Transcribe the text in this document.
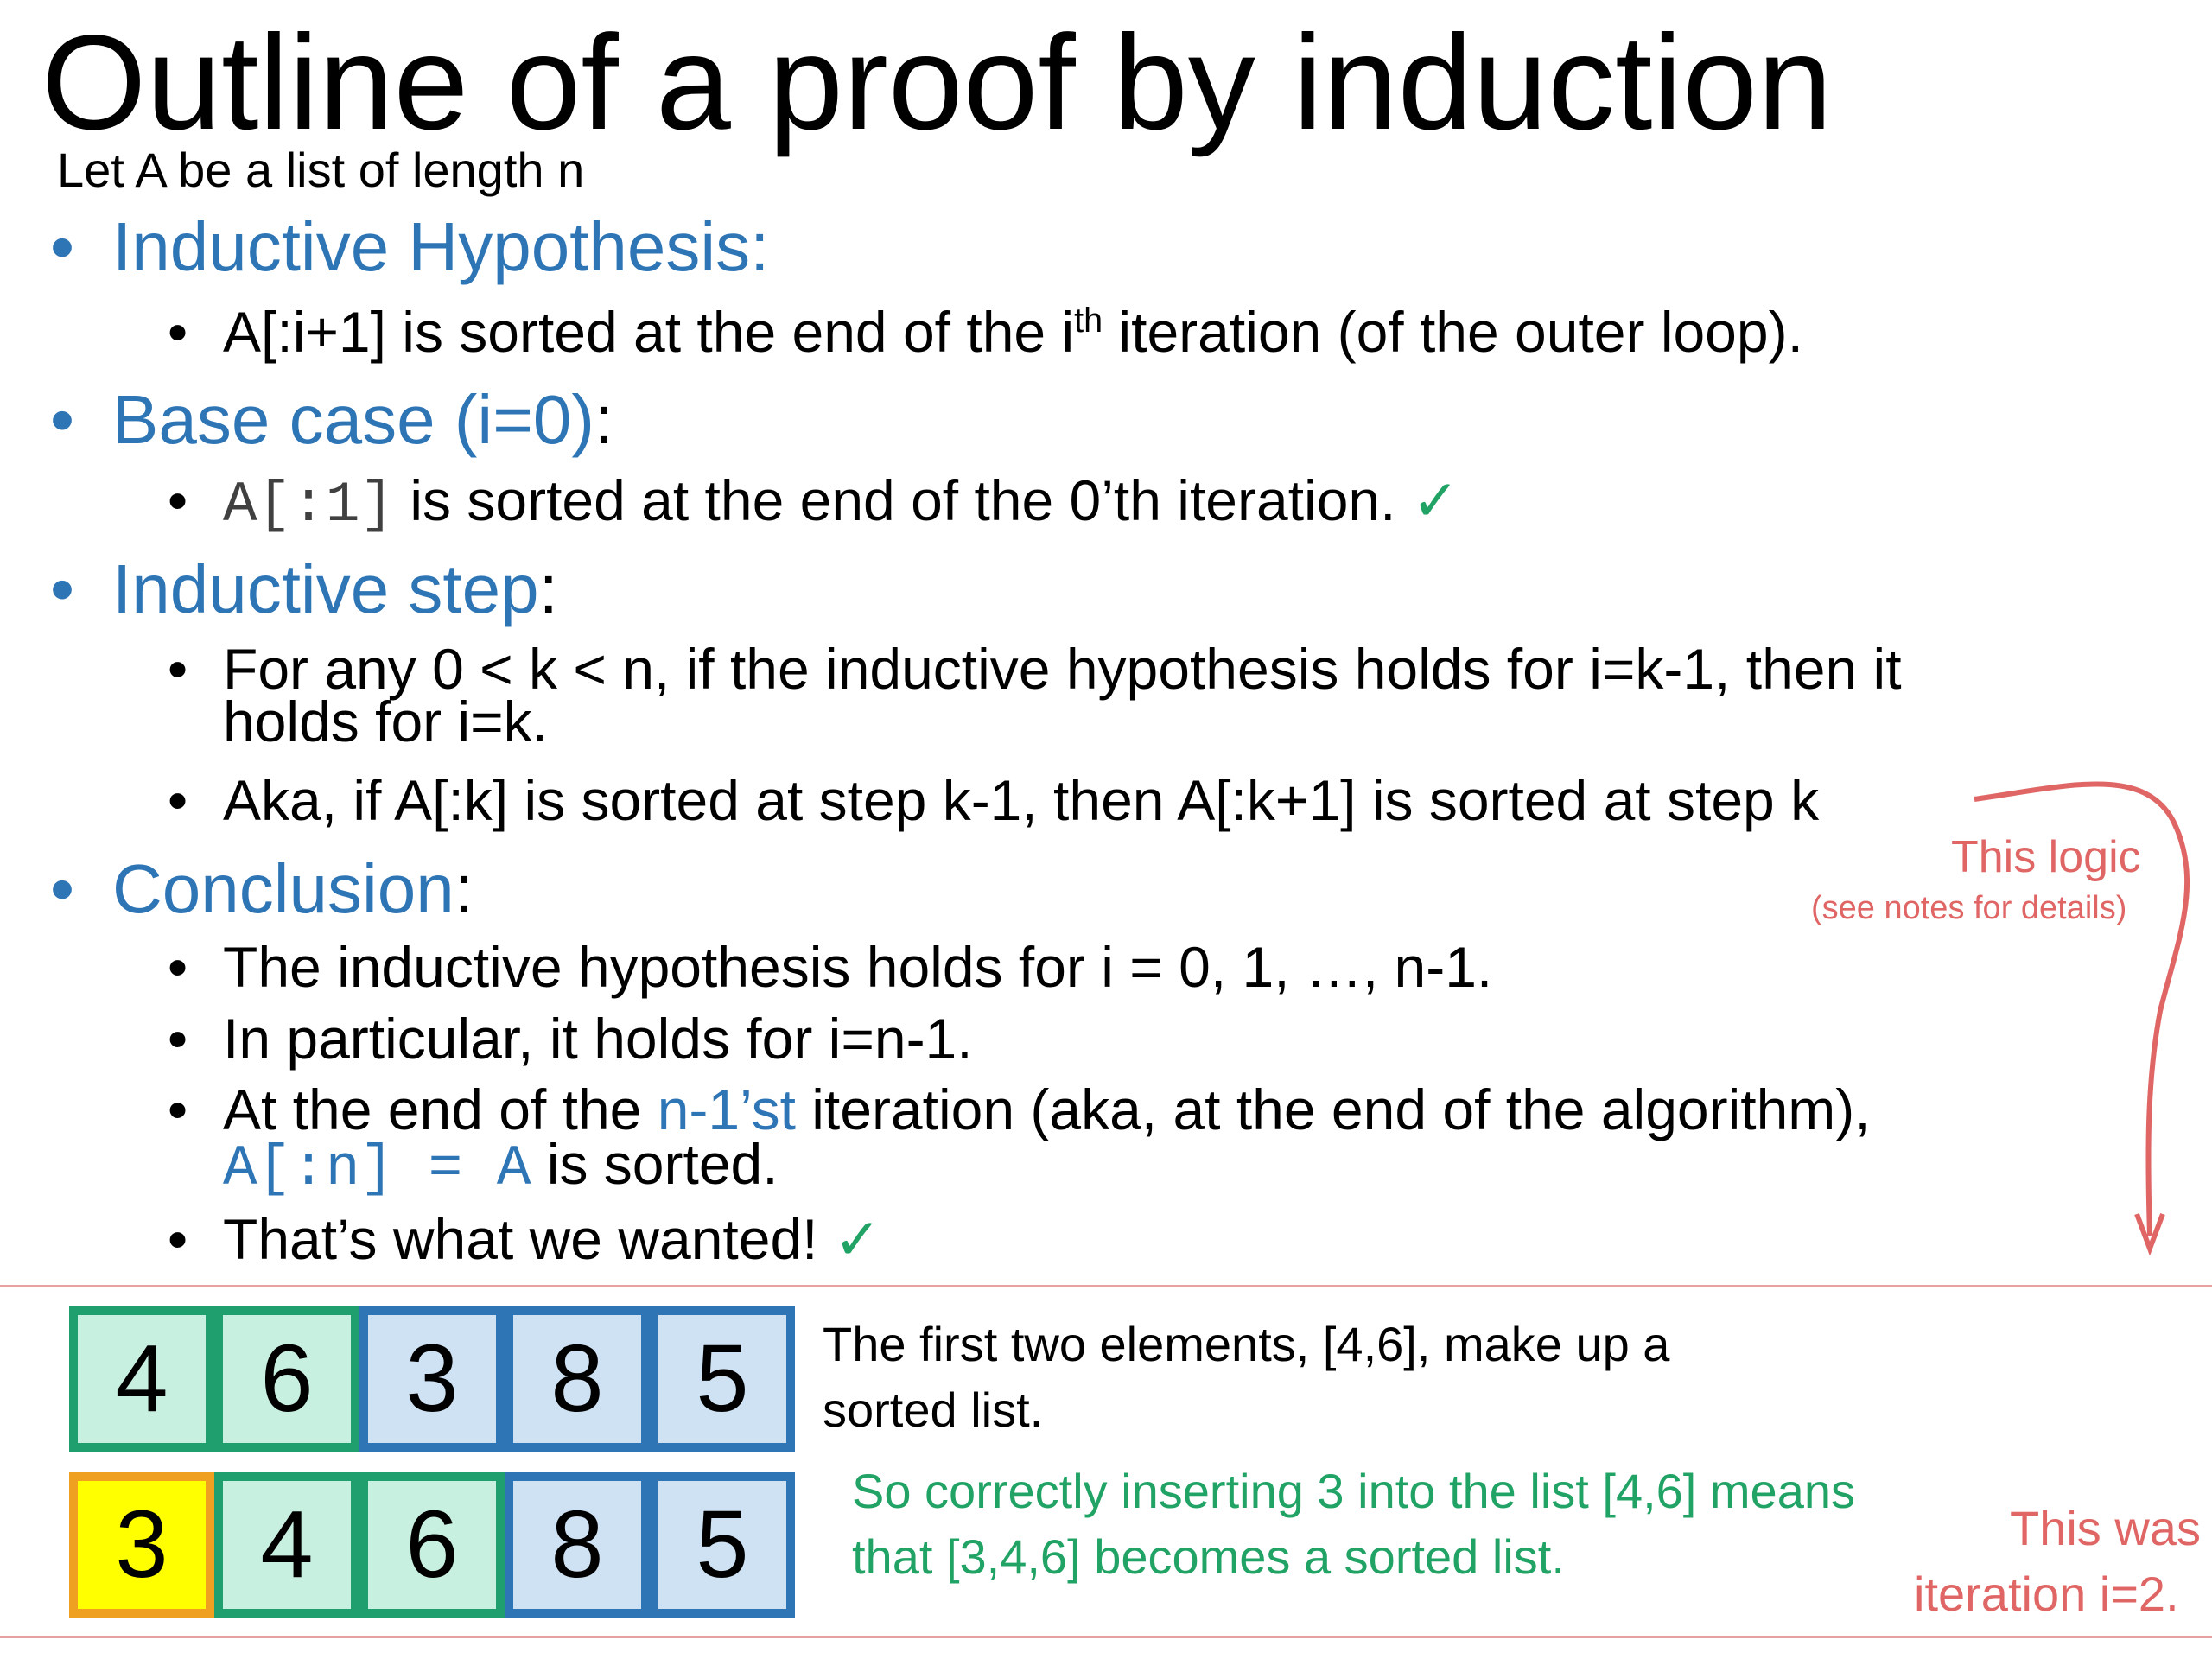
Outline of a proof by induction
Let A be a list of length n
• Inductive Hypothesis:
• A[:i+1] is sorted at the end of the $i^{th}$ iteration (of the outer loop).
• Base case (i=0):
• A[:1] is sorted at the end of the 0’th iteration. ✓
• Inductive step:
• For any 0 < k < n, if the inductive hypothesis holds for i=k-1, then it
holds for i=k.
• Aka, if A[:k] is sorted at step k-1, then A[:k+1] is sorted at step k
This logic
(see notes for details)
• Conclusion:
• The inductive hypothesis holds for i = 0, 1, …, n-1.
• In particular, it holds for i=n-1.
• At the end of the n-1’st iteration (aka, at the end of the algorithm),
A[:n] = A is sorted.
• That’s what we wanted! ✓
4 6 3 8 5	The first two elements, [4,6], make up a sorted list.
3 4 6 8 5
So correctly inserting 3 into the list [4,6] means that [3,4,6] becomes a sorted list.
This was
iteration i=2.
